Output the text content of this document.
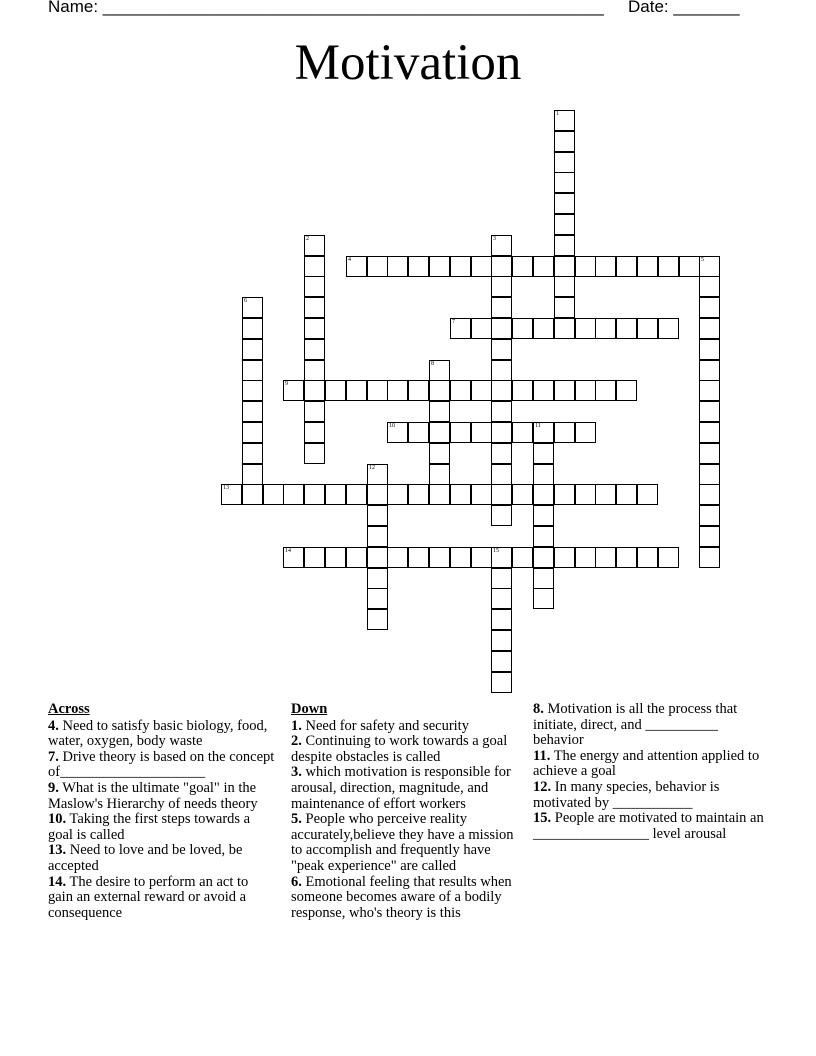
Name: _____________________________________________________ Date: _______
Motivation
1
2	3
4	5
6
7
8
9
10	11
12
13
14	15
Across
4. Need to satisfy basic biology, food, water, oxygen, body waste
7. Drive theory is based on the concept of____________________
9. What is the ultimate "goal" in the Maslow's Hierarchy of needs theory
10. Taking the first steps towards a goal is called
13. Need to love and be loved, be accepted
14. The desire to perform an act to gain an external reward or avoid a consequence
Down
1. Need for safety and security
2. Continuing to work towards a goal despite obstacles is called
3. which motivation is responsible for arousal, direction, magnitude, and maintenance of effort workers
5. People who perceive reality accurately,believe they have a mission to accomplish and frequently have "peak experience" are called
6. Emotional feeling that results when someone becomes aware of a bodily response, who's theory is this
8. Motivation is all the process that initiate, direct, and __________ behavior
11. The energy and attention applied to achieve a goal
12. In many species, behavior is motivated by ___________
15. People are motivated to maintain an ________________ level arousal
